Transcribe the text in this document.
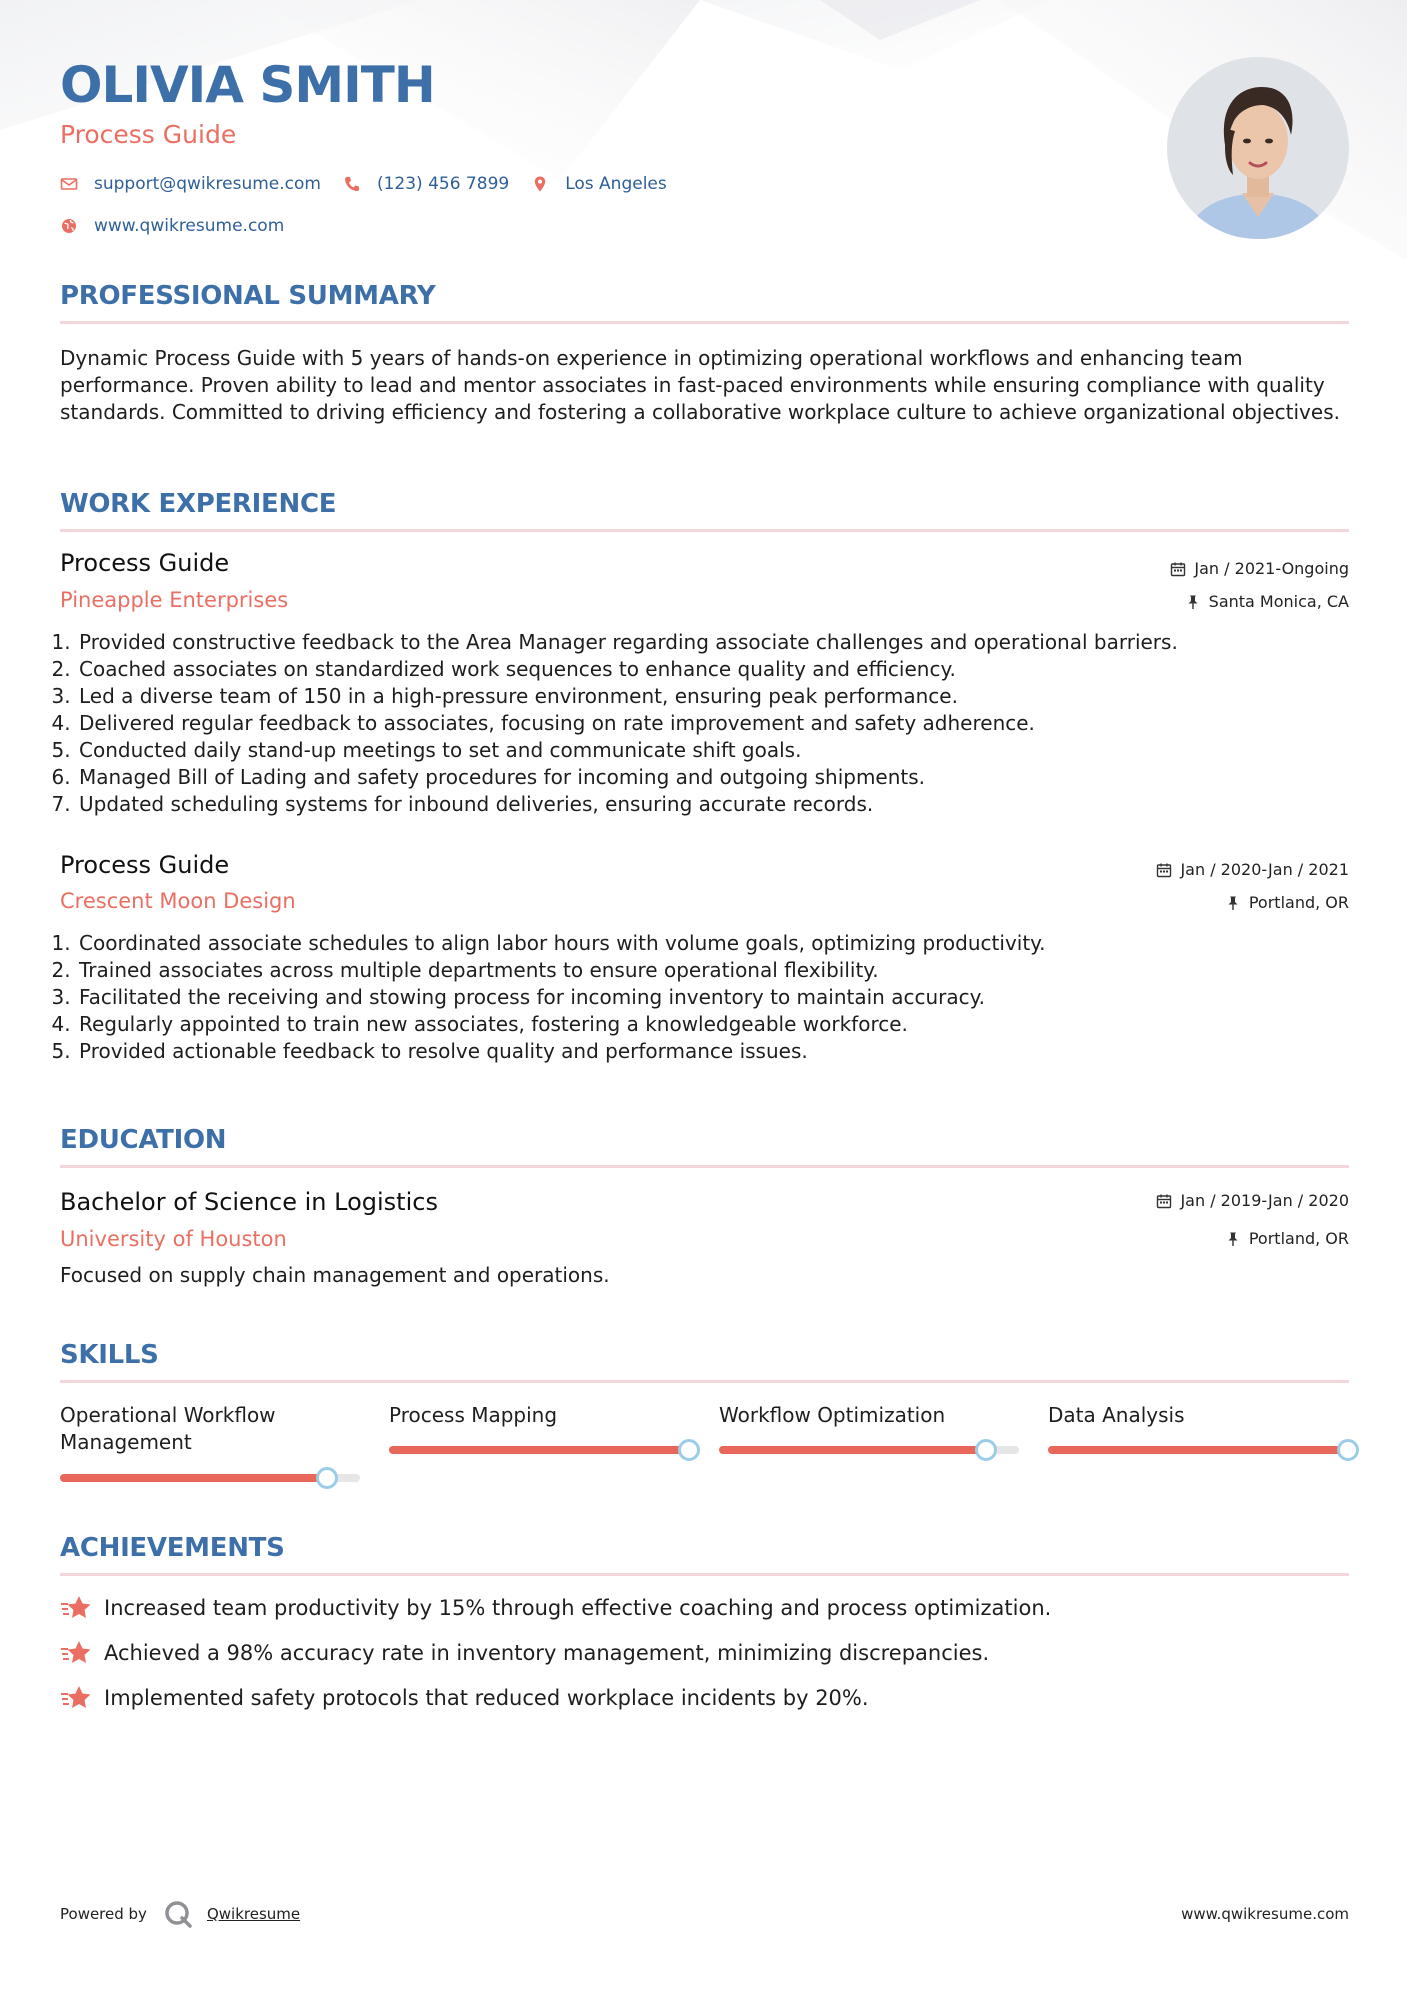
OLIVIA SMITH
Process Guide
support@qwikresume.com	(123) 456 7899	Los Angeles
www.qwikresume.com
PROFESSIONAL SUMMARY

Dynamic Process Guide with 5 years of hands-on experience in optimizing operational workflows and enhancing team performance. Proven ability to lead and mentor associates in fast-paced environments while ensuring compliance with quality standards. Committed to driving efficiency and fostering a collaborative workplace culture to achieve organizational objectives.

WORK EXPERIENCE
Process Guide
Pineapple Enterprises
Jan / 2021-Ongoing
Santa Monica, CA
1. Provided constructive feedback to the Area Manager regarding associate challenges and operational barriers.
2. Coached associates on standardized work sequences to enhance quality and efficiency.
3. Led a diverse team of 150 in a high-pressure environment, ensuring peak performance.
4. Delivered regular feedback to associates, focusing on rate improvement and safety adherence.
5. Conducted daily stand-up meetings to set and communicate shift goals.
6. Managed Bill of Lading and safety procedures for incoming and outgoing shipments.
7. Updated scheduling systems for inbound deliveries, ensuring accurate records.
Process Guide
Crescent Moon Design
Jan / 2020-Jan / 2021
Portland, OR
1. Coordinated associate schedules to align labor hours with volume goals, optimizing productivity.
2. Trained associates across multiple departments to ensure operational flexibility.
3. Facilitated the receiving and stowing process for incoming inventory to maintain accuracy.
4. Regularly appointed to train new associates, fostering a knowledgeable workforce.
5. Provided actionable feedback to resolve quality and performance issues.
EDUCATION
Bachelor of Science in Logistics
University of Houston
Jan / 2019-Jan / 2020
Portland, OR

Focused on supply chain management and operations.

SKILLS
Operational Workflow Management
Process Mapping	Workflow Optimization	Data Analysis
ACHIEVEMENTS
Increased team productivity by 15% through effective coaching and process optimization.
Achieved a 98% accuracy rate in inventory management, minimizing discrepancies.
Implemented safety protocols that reduced workplace incidents by 20%.
Powered by	Qwikresume	www.qwikresume.com
